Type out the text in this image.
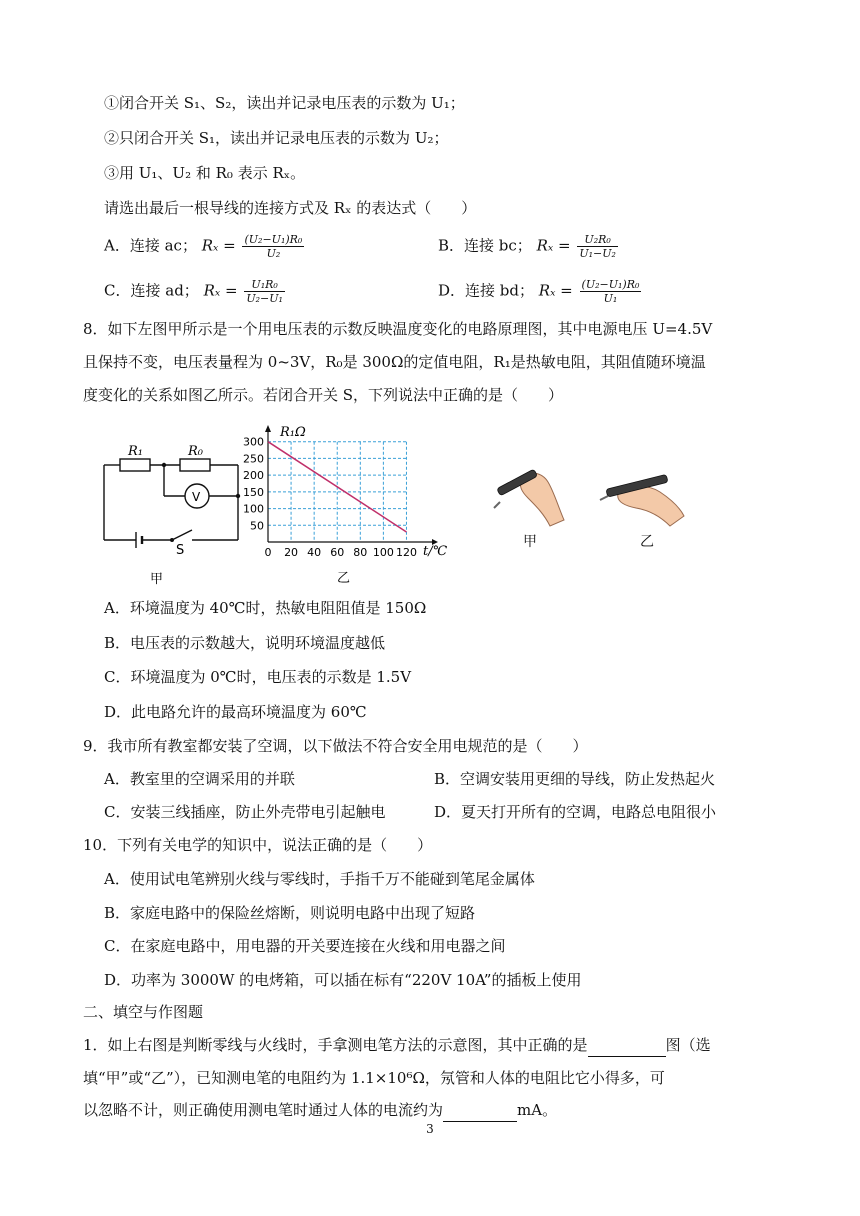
①闭合开关 S₁、S₂，读出并记录电压表的示数为 U₁；
②只闭合开关 S₁，读出并记录电压表的示数为 U₂；
③用 U₁、U₂ 和 R₀ 表示 Rₓ。
请选出最后一根导线的连接方式及 Rₓ 的表达式（　　）
A．连接 ac； $R_x = \frac{\text{(U₂−U₁)R₀}}{\text{U₂}}$	B．连接 bc； $R_x = \frac{\text{U₂R₀}}{\text{U₁−U₂}}$
C．连接 ad； $R_x = \frac{\text{U₁R₀}}{\text{U₂−U₁}}$	D．连接 bd； $R_x = \frac{\text{(U₂−U₁)R₀}}{\text{U₁}}$
8．如下左图甲所示是一个用电压表的示数反映温度变化的电路原理图，其中电源电压 U=4.5V
且保持不变，电压表量程为 0~3V，R₀是 300Ω的定值电阻，R₁是热敏电阻，其阻值随环境温
度变化的关系如图乙所示。若闭合开关 S，下列说法中正确的是（　　）
R₁	R₀
V
S
甲
300
250
200
150
100
50
0 20 40 60 80 100 120
R₁Ω
t/℃
乙
甲	乙
A．环境温度为 40℃时，热敏电阻阻值是 150Ω
B．电压表的示数越大，说明环境温度越低
C．环境温度为 0℃时，电压表的示数是 1.5V
D．此电路允许的最高环境温度为 60℃
9．我市所有教室都安装了空调，以下做法不符合安全用电规范的是（　　）
A．教室里的空调采用的并联	B．空调安装用更细的导线，防止发热起火
C．安装三线插座，防止外壳带电引起触电	D．夏天打开所有的空调，电路总电阻很小
10．下列有关电学的知识中，说法正确的是（　　）
A．使用试电笔辨别火线与零线时，手指千万不能碰到笔尾金属体
B．家庭电路中的保险丝熔断，则说明电路中出现了短路
C．在家庭电路中，用电器的开关要连接在火线和用电器之间
D．功率为 3000W 的电烤箱，可以插在标有“220V 10A”的插板上使用
二、填空与作图题
1．如上右图是判断零线与火线时，手拿测电笔方法的示意图，其中正确的是	图（选
填“甲”或“乙”），已知测电笔的电阻约为 1.1×10⁶Ω，氖管和人体的电阻比它小得多，可
以忽略不计，则正确使用测电笔时通过人体的电流约为	mA。
3
